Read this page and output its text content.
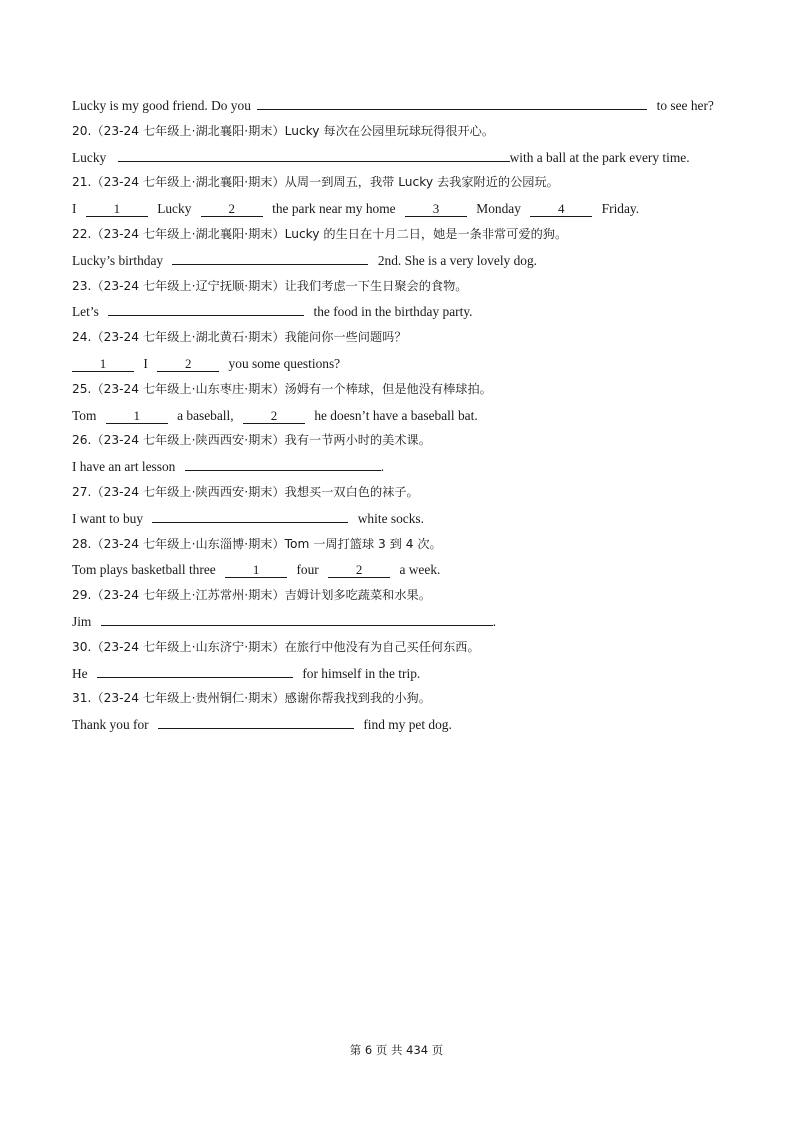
Lucky is my good friend. Do you	to see her?
20.（23-24 七年级上·湖北襄阳·期末）Lucky 每次在公园里玩球玩得很开心。
Lucky	with a ball at the park every time.
21.（23-24 七年级上·湖北襄阳·期末）从周一到周五，我带 Lucky 去我家附近的公园玩。
I	1	Lucky	2	the park near my home	3	Monday	4	Friday.
22.（23-24 七年级上·湖北襄阳·期末）Lucky 的生日在十月二日，她是一条非常可爱的狗。
Lucky’s birthday	2nd. She is a very lovely dog.
23.（23-24 七年级上·辽宁抚顺·期末）让我们考虑一下生日聚会的食物。
Let’s	the food in the birthday party.
24.（23-24 七年级上·湖北黄石·期末）我能问你一些问题吗？
1	I	2	you some questions?
25.（23-24 七年级上·山东枣庄·期末）汤姆有一个棒球，但是他没有棒球拍。
Tom	1	a baseball,	2	he doesn’t have a baseball bat.
26.（23-24 七年级上·陕西西安·期末）我有一节两小时的美术课。
I have an art lesson	.
27.（23-24 七年级上·陕西西安·期末）我想买一双白色的袜子。
I want to buy	white socks.
28.（23-24 七年级上·山东淄博·期末）Tom 一周打篮球 3 到 4 次。
Tom plays basketball three	1	four	2	a week.
29.（23-24 七年级上·江苏常州·期末）吉姆计划多吃蔬菜和水果。
Jim	.
30.（23-24 七年级上·山东济宁·期末）在旅行中他没有为自己买任何东西。
He	for himself in the trip.
31.（23-24 七年级上·贵州铜仁·期末）感谢你帮我找到我的小狗。
Thank you for	find my pet dog.
第 6 页 共 434 页
